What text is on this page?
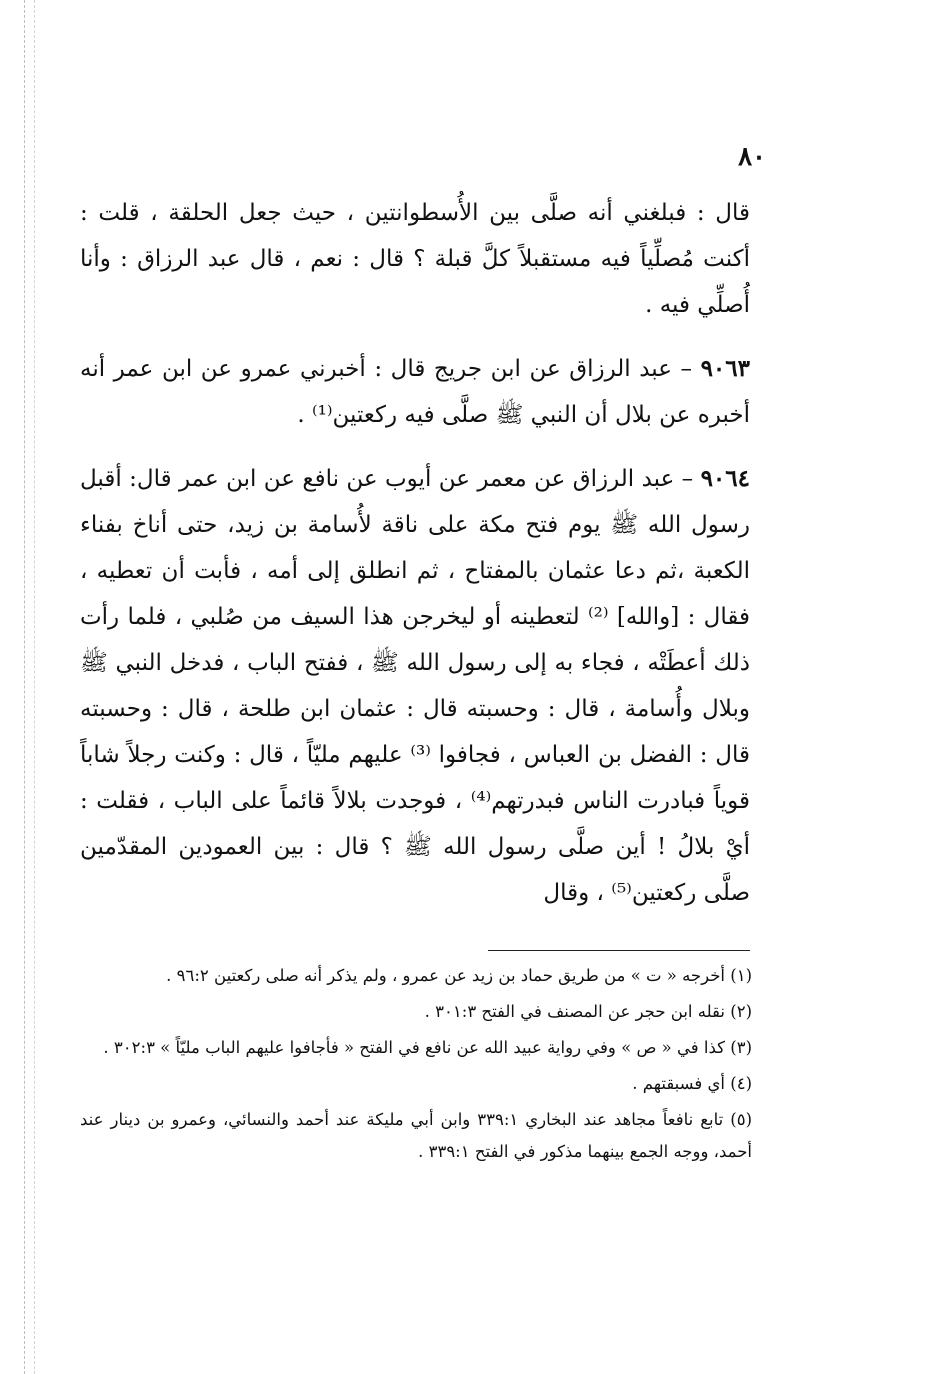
٨٠

قال : فبلغني أنه صلَّى بين الأُسطوانتين ، حيث جعل الحلقة ، قلت : أكنت مُصلِّياً فيه مستقبلاً كلَّ قبلة ؟ قال : نعم ، قال عبد الرزاق : وأنا أُصلِّي فيه .

٩٠٦٣ – عبد الرزاق عن ابن جريج قال : أخبرني عمرو عن ابن عمر أنه أخبره عن بلال أن النبي ﷺ صلَّى فيه ركعتين⁽¹⁾ .

٩٠٦٤ – عبد الرزاق عن معمر عن أيوب عن نافع عن ابن عمر قال: أقبل رسول الله ﷺ يوم فتح مكة على ناقة لأُسامة بن زيد، حتى أناخ بفناء الكعبة ،ثم دعا عثمان بالمفتاح ، ثم انطلق إلى أمه ، فأبت أن تعطيه ، فقال : [والله] ⁽²⁾ لتعطينه أو ليخرجن هذا السيف من صُلبي ، فلما رأت ذلك أعطَتْه ، فجاء به إلى رسول الله ﷺ ، ففتح الباب ، فدخل النبي ﷺ وبلال وأُسامة ، قال : وحسبته قال : عثمان ابن طلحة ، قال : وحسبته قال : الفضل بن العباس ، فجافوا ⁽³⁾ عليهم مليّاً ، قال : وكنت رجلاً شاباً قوياً فبادرت الناس فبدرتهم⁽⁴⁾ ، فوجدت بلالاً قائماً على الباب ، فقلت : أيْ بلالُ ! أين صلَّى رسول الله ﷺ ؟ قال : بين العمودين المقدّمين صلَّى ركعتين⁽⁵⁾ ، وقال

(١) أخرجه « ت » من طريق حماد بن زيد عن عمرو ، ولم يذكر أنه صلى ركعتين ٩٦:٢ .

(٢) نقله ابن حجر عن المصنف في الفتح ٣٠١:٣ .

(٣) كذا في « ص » وفي رواية عبيد الله عن نافع في الفتح « فأجافوا عليهم الباب مليّاً » ٣٠٢:٣ .

(٤) أي فسبقتهم .

(٥) تابع نافعاً مجاهد عند البخاري ٣٣٩:١ وابن أبي مليكة عند أحمد والنسائي، وعمرو بن دينار عند أحمد، ووجه الجمع بينهما مذكور في الفتح ٣٣٩:١ .
